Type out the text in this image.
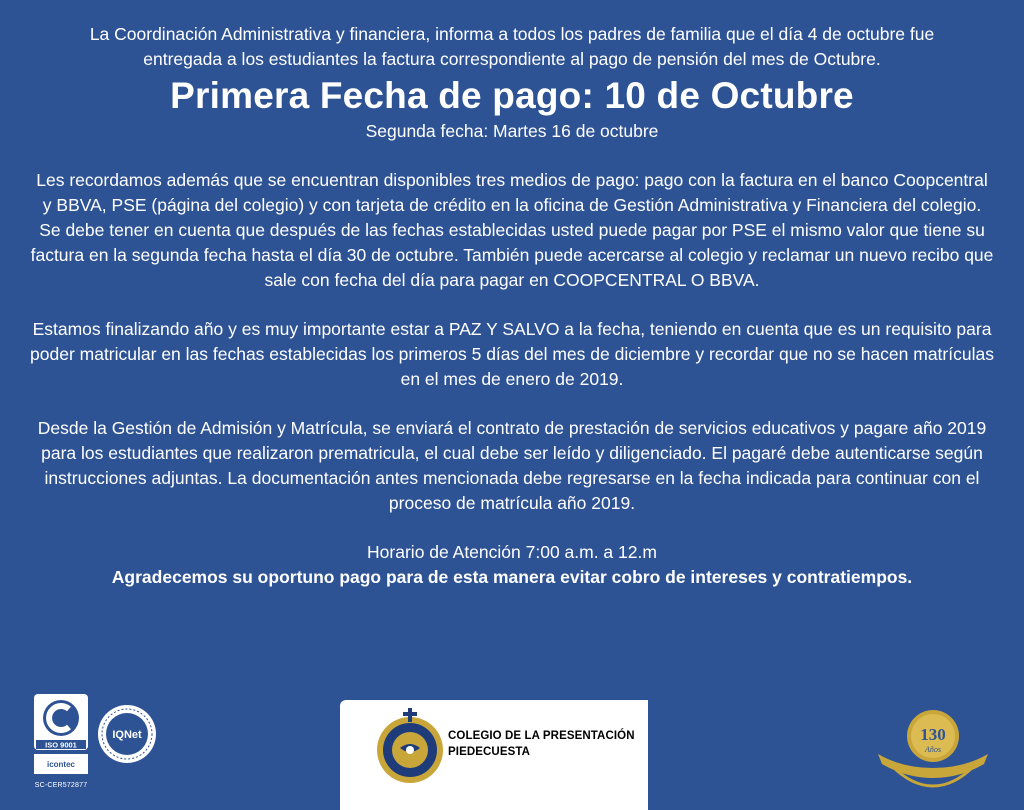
La Coordinación Administrativa y financiera, informa a todos los padres de familia que el día 4 de octubre fue entregada a los estudiantes la factura correspondiente al pago de pensión del mes de Octubre.

Primera Fecha de pago: 10 de Octubre
Segunda fecha: Martes 16 de octubre

Les recordamos además que se encuentran disponibles tres medios de pago: pago con la factura en el banco Coopcentral y BBVA, PSE (página del colegio) y con tarjeta de crédito en la oficina de Gestión Administrativa y Financiera del colegio.

Se debe tener en cuenta que después de las fechas establecidas usted puede pagar por PSE el mismo valor que tiene su factura en la segunda fecha hasta el día 30 de octubre. También puede acercarse al colegio y reclamar un nuevo recibo que sale con fecha del día para pagar en COOPCENTRAL O BBVA.

Estamos finalizando año y es muy importante estar a PAZ Y SALVO a la fecha, teniendo en cuenta que es un requisito para poder matricular en las fechas establecidas los primeros 5 días del mes de diciembre y recordar que no se hacen matrículas en el mes de enero de 2019.

Desde la Gestión de Admisión y Matrícula, se enviará el contrato de prestación de servicios educativos y pagare año 2019 para los estudiantes que realizaron prematricula, el cual debe ser leído y diligenciado. El pagaré debe autenticarse según instrucciones adjuntas. La documentación antes mencionada debe regresarse en la fecha indicada para continuar con el proceso de matrícula año 2019.

Horario de Atención 7:00 a.m. a 12.m

Agradecemos su oportuno pago para de esta manera evitar cobro de intereses y contratiempos.

ISO 9001
icontec
SC-CER572877
IQNet	COLEGIO DE LA PRESENTACIÓN
PIEDECUESTA
130
Años
